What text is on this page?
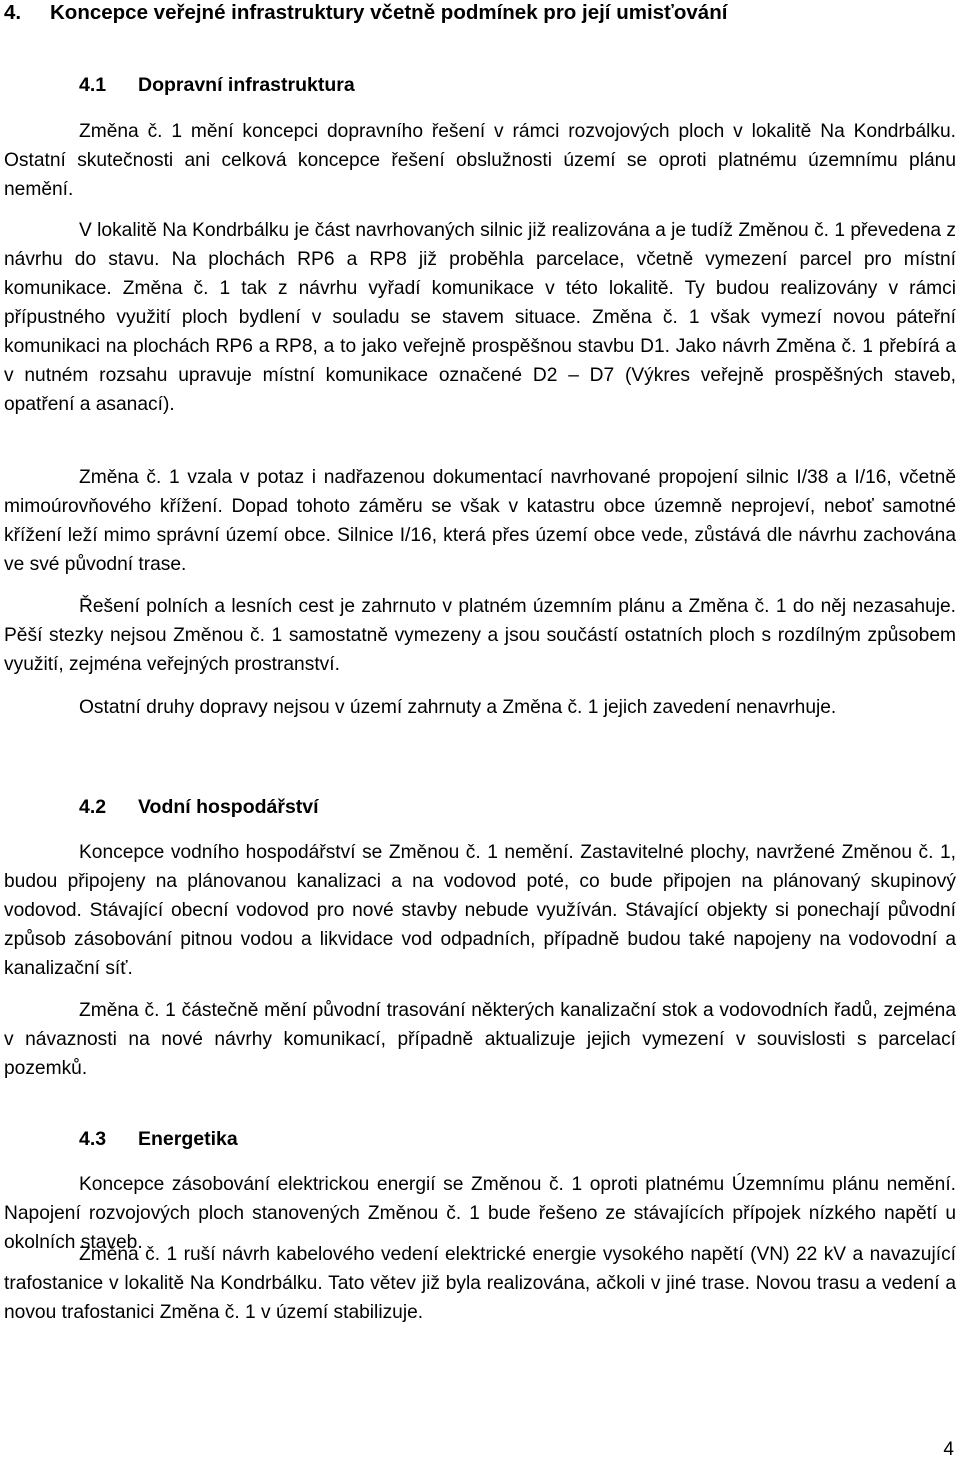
4. Koncepce veřejné infrastruktury včetně podmínek pro její umisťování
4.1 Dopravní infrastruktura

Změna č. 1 mění koncepci dopravního řešení v rámci rozvojových ploch v lokalitě Na Kondrbálku. Ostatní skutečnosti ani celková koncepce řešení obslužnosti území se oproti platnému územnímu plánu nemění.

V lokalitě Na Kondrbálku je část navrhovaných silnic již realizována a je tudíž Změnou č. 1 převedena z návrhu do stavu. Na plochách RP6 a RP8 již proběhla parcelace, včetně vymezení parcel pro místní komunikace. Změna č. 1 tak z návrhu vyřadí komunikace v této lokalitě. Ty budou realizovány v rámci přípustného využití ploch bydlení v souladu se stavem situace. Změna č. 1 však vymezí novou páteřní komunikaci na plochách RP6 a RP8, a to jako veřejně prospěšnou stavbu D1. Jako návrh Změna č. 1 přebírá a v nutném rozsahu upravuje místní komunikace označené D2 – D7 (Výkres veřejně prospěšných staveb, opatření a asanací).

Změna č. 1 vzala v potaz i nadřazenou dokumentací navrhované propojení silnic I/38 a I/16, včetně mimoúrovňového křížení. Dopad tohoto záměru se však v katastru obce územně neprojeví, neboť samotné křížení leží mimo správní území obce. Silnice I/16, která přes území obce vede, zůstává dle návrhu zachována ve své původní trase.

Řešení polních a lesních cest je zahrnuto v platném územním plánu a Změna č. 1 do něj nezasahuje. Pěší stezky nejsou Změnou č. 1 samostatně vymezeny a jsou součástí ostatních ploch s rozdílným způsobem využití, zejména veřejných prostranství.

Ostatní druhy dopravy nejsou v území zahrnuty a Změna č. 1 jejich zavedení nenavrhuje.

4.2 Vodní hospodářství

Koncepce vodního hospodářství se Změnou č. 1 nemění. Zastavitelné plochy, navržené Změnou č. 1, budou připojeny na plánovanou kanalizaci a na vodovod poté, co bude připojen na plánovaný skupinový vodovod. Stávající obecní vodovod pro nové stavby nebude využíván. Stávající objekty si ponechají původní způsob zásobování pitnou vodou a likvidace vod odpadních, případně budou také napojeny na vodovodní a kanalizační síť.

Změna č. 1 částečně mění původní trasování některých kanalizační stok a vodovodních řadů, zejména v návaznosti na nové návrhy komunikací, případně aktualizuje jejich vymezení v souvislosti s parcelací pozemků.

4.3 Energetika

Koncepce zásobování elektrickou energií se Změnou č. 1 oproti platnému Územnímu plánu nemění. Napojení rozvojových ploch stanovených Změnou č. 1 bude řešeno ze stávajících přípojek nízkého napětí u okolních staveb.

Změna č. 1 ruší návrh kabelového vedení elektrické energie vysokého napětí (VN) 22 kV a navazující trafostanice v lokalitě Na Kondrbálku. Tato větev již byla realizována, ačkoli v jiné trase. Novou trasu a vedení a novou trafostanici Změna č. 1 v území stabilizuje.

4
